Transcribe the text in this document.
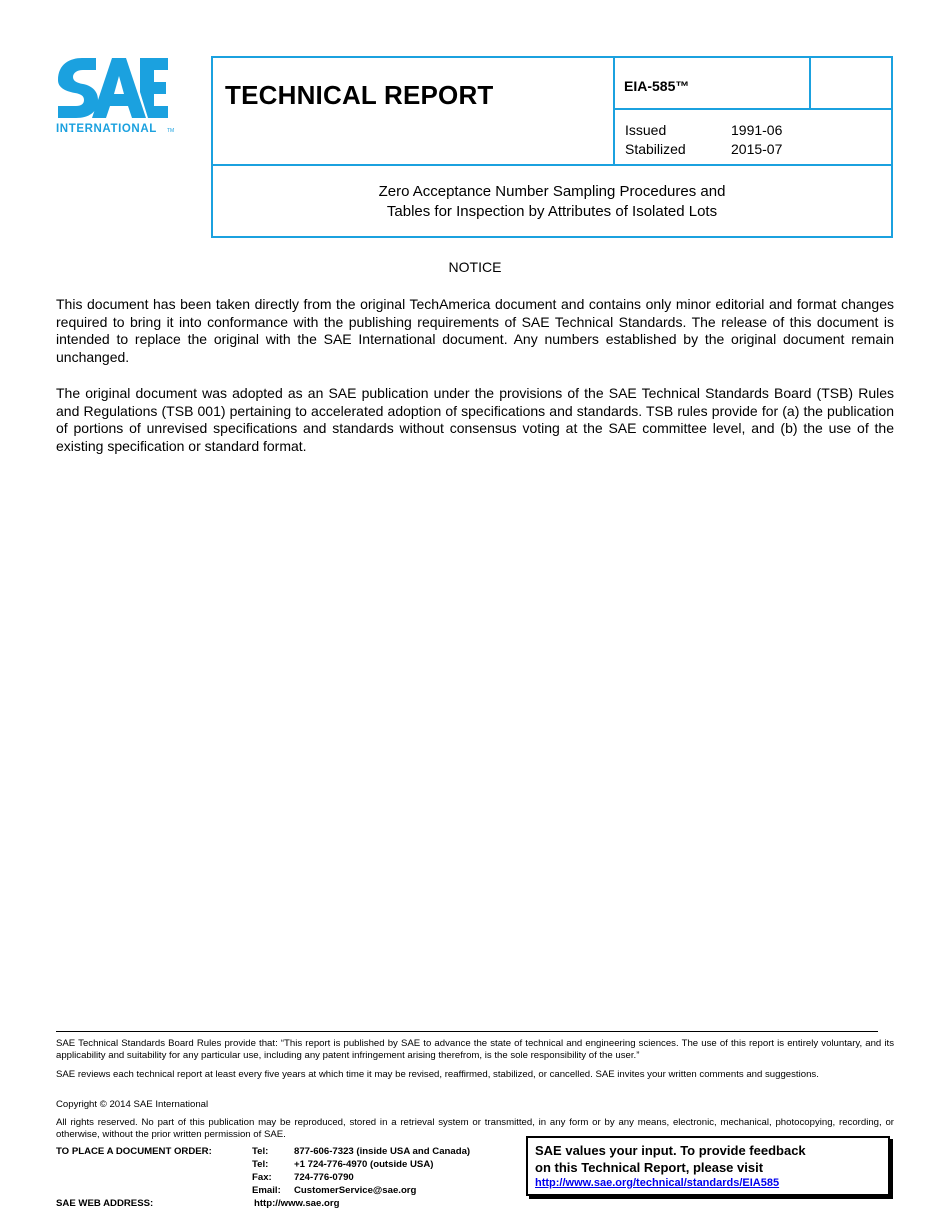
INTERNATIONAL TM
TECHNICAL REPORT	EIA-585™
Issued	1991-06
Stabilized	2015-07
Zero Acceptance Number Sampling Procedures and
Tables for Inspection by Attributes of Isolated Lots
NOTICE
This document has been taken directly from the original TechAmerica document and contains only minor editorial and format changes required to bring it into conformance with the publishing requirements of SAE Technical Standards. The release of this document is intended to replace the original with the SAE International document. Any numbers established by the original document remain unchanged.
The original document was adopted as an SAE publication under the provisions of the SAE Technical Standards Board (TSB) Rules and Regulations (TSB 001) pertaining to accelerated adoption of specifications and standards. TSB rules provide for (a) the publication of portions of unrevised specifications and standards without consensus voting at the SAE committee level, and (b) the use of the existing specification or standard format.
SAE Technical Standards Board Rules provide that: “This report is published by SAE to advance the state of technical and engineering sciences. The use of this report is entirely voluntary, and its applicability and suitability for any particular use, including any patent infringement arising therefrom, is the sole responsibility of the user.”
SAE reviews each technical report at least every five years at which time it may be revised, reaffirmed, stabilized, or cancelled. SAE invites your written comments and suggestions.
Copyright © 2014 SAE International
All rights reserved. No part of this publication may be reproduced, stored in a retrieval system or transmitted, in any form or by any means, electronic, mechanical, photocopying, recording, or otherwise, without the prior written permission of SAE.
TO PLACE A DOCUMENT ORDER:	Tel:	877-606-7323 (inside USA and Canada)
Tel:	+1 724-776-4970 (outside USA)
Fax: 724-776-0790
Email: CustomerService@sae.org
SAE WEB ADDRESS:	http://www.sae.org
SAE values your input. To provide feedback
on this Technical Report, please visit
http://www.sae.org/technical/standards/EIA585
